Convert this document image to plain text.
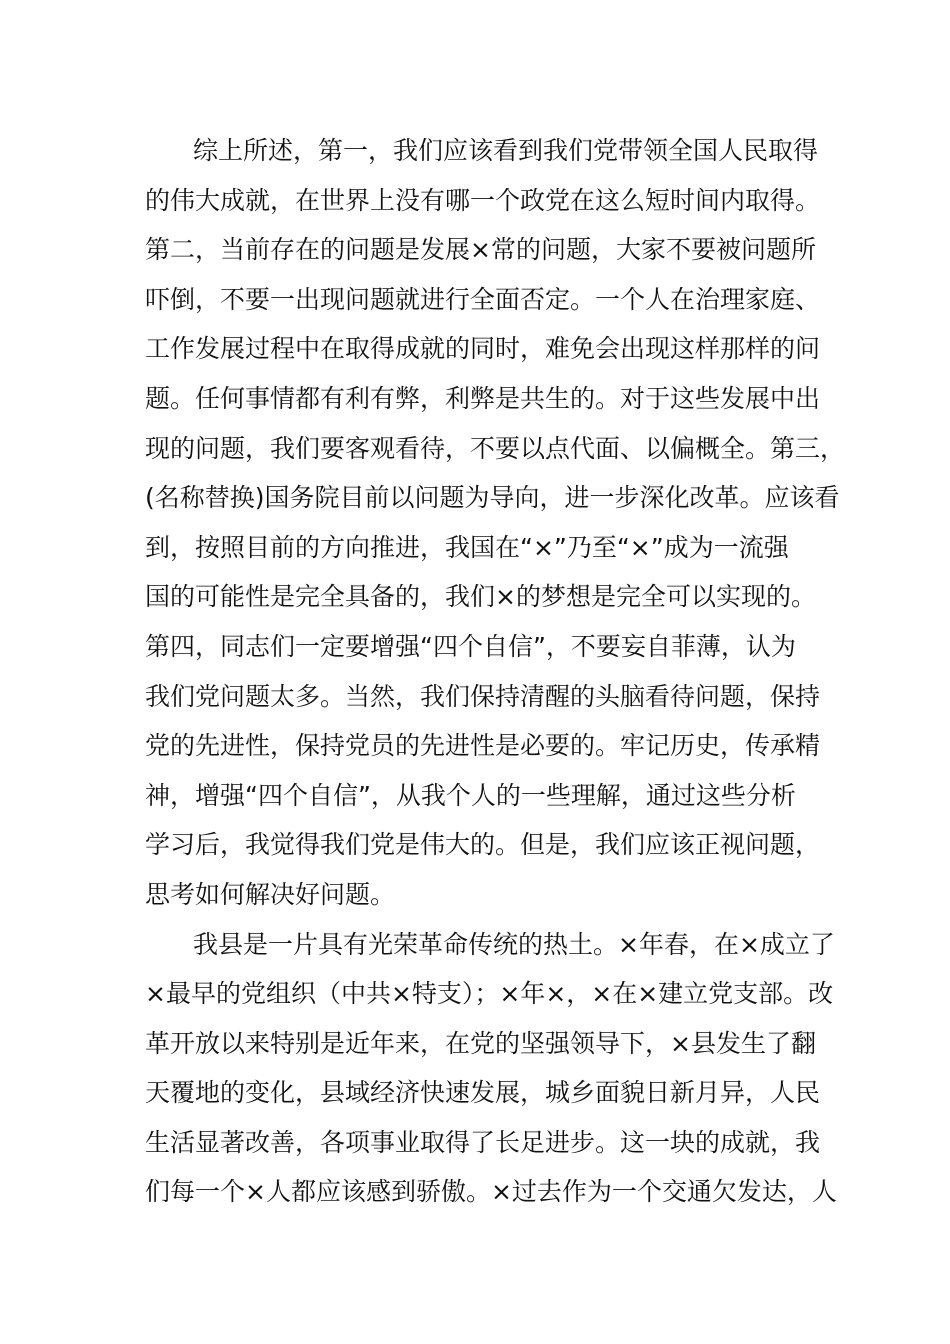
综上所述，第一，我们应该看到我们党带领全国人民取得
的伟大成就，在世界上没有哪一个政党在这么短时间内取得。
第二，当前存在的问题是发展×常的问题，大家不要被问题所
吓倒，不要一出现问题就进行全面否定。一个人在治理家庭、
工作发展过程中在取得成就的同时，难免会出现这样那样的问
题。任何事情都有利有弊，利弊是共生的。对于这些发展中出
现的问题，我们要客观看待，不要以点代面、以偏概全。第三，
(名称替换)国务院目前以问题为导向，进一步深化改革。应该看
到，按照目前的方向推进，我国在“×”乃至“×”成为一流强
国的可能性是完全具备的，我们×的梦想是完全可以实现的。
第四，同志们一定要增强“四个自信”，不要妄自菲薄，认为
我们党问题太多。当然，我们保持清醒的头脑看待问题，保持
党的先进性，保持党员的先进性是必要的。牢记历史，传承精
神，增强“四个自信”，从我个人的一些理解，通过这些分析
学习后，我觉得我们党是伟大的。但是，我们应该正视问题，
思考如何解决好问题。
我县是一片具有光荣革命传统的热土。×年春，在×成立了
×最早的党组织（中共×特支）；×年×，×在×建立党支部。改
革开放以来特别是近年来，在党的坚强领导下，×县发生了翻
天覆地的变化，县域经济快速发展，城乡面貌日新月异，人民
生活显著改善，各项事业取得了长足进步。这一块的成就，我
们每一个×人都应该感到骄傲。×过去作为一个交通欠发达，人
